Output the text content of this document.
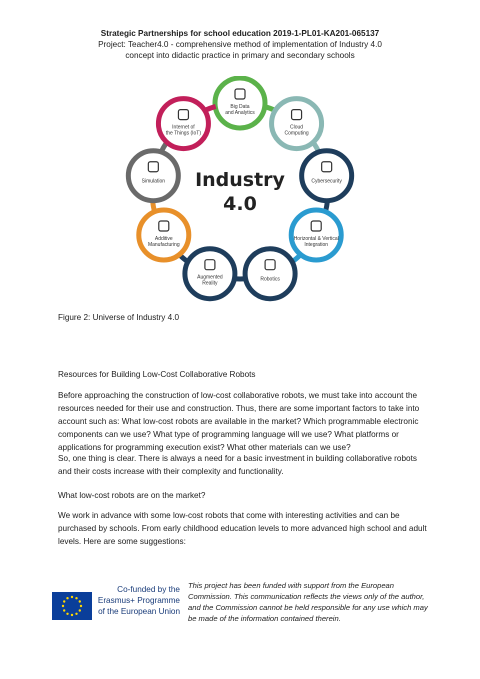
Strategic Partnerships for school education 2019-1-PL01-KA201-065137
Project: Teacher4.0 - comprehensive method of implementation of Industry 4.0
concept into didactic practice in primary and secondary schools
Industry
4.0
Big Data
and Analytics
Cloud
Computing
Cybersecurity
Horizontal & Vertical
Integration
Robotics
Augmented
Reality
Additive
Manufacturing
Simulation
Internet of
the Things (IoT)
Figure 2: Universe of Industry 4.0
Resources for Building Low-Cost Collaborative Robots
Before approaching the construction of low-cost collaborative robots, we must take into account the resources needed for their use and construction. Thus, there are some important factors to take into account such as: What low-cost robots are available in the market? Which programmable electronic components can we use? What type of programming language will we use? What platforms or applications for programming execution exist? What other materials can we use?
So, one thing is clear. There is always a need for a basic investment in building collaborative robots and their costs increase with their complexity and functionality.
What low-cost robots are on the market?
We work in advance with some low-cost robots that come with interesting activities and can be purchased by schools. From early childhood education levels to more advanced high school and adult levels. Here are some suggestions:
Co-funded by the Erasmus+ Programme of the European Union
This project has been funded with support from the European Commission. This communication reflects the views only of the author, and the Commission cannot be held responsible for any use which may be made of the information contained therein.
